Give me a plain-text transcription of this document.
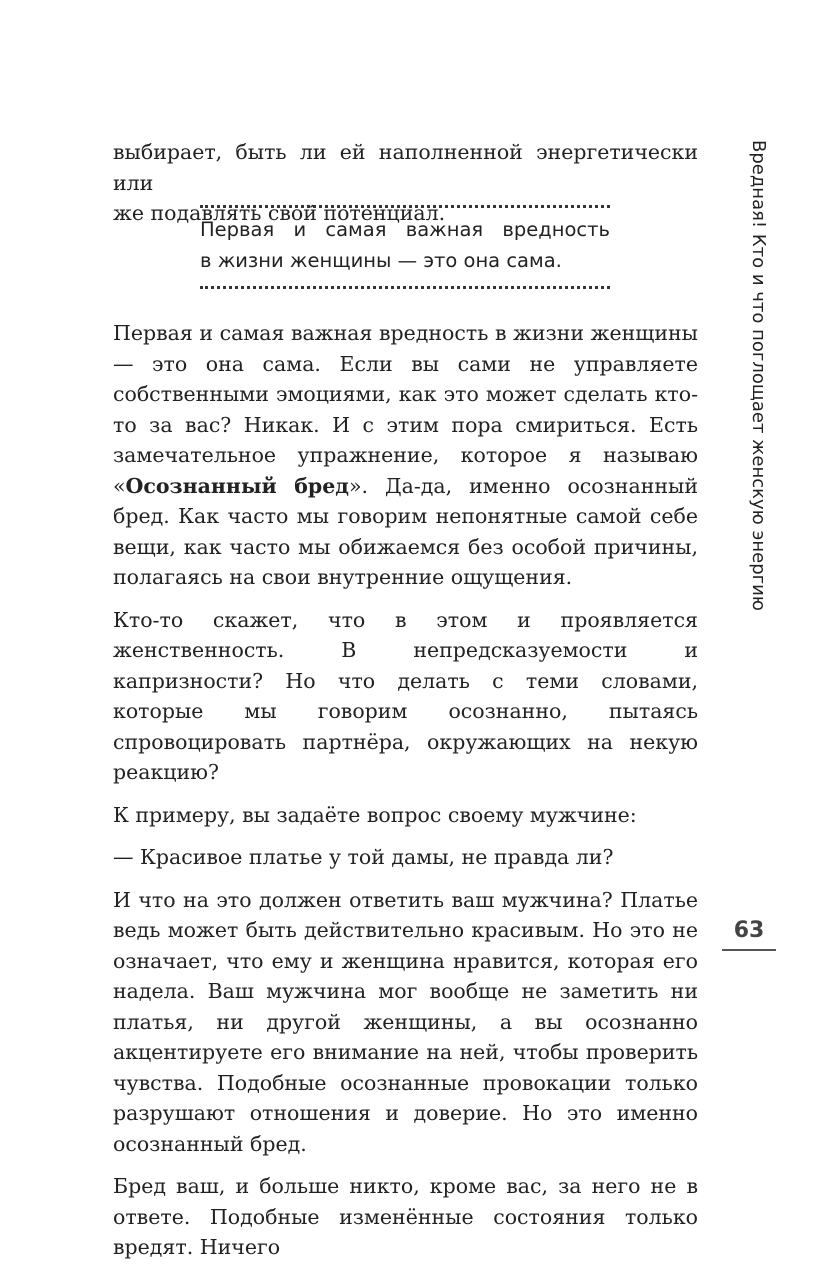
выбирает, быть ли ей наполненной энергетически или

же подавлять свой потенциал.

Первая и самая важная вредность
в жизни женщины — это она сама.

Первая и самая важная вредность в жизни женщины — это она сама. Если вы сами не управляете собственными эмоциями, как это может сделать кто-то за вас? Никак. И с этим пора смириться. Есть замечательное упражнение, которое я называю «Осознанный бред». Да-да, именно осознанный бред. Как часто мы говорим непонятные самой себе вещи, как часто мы обижаемся без особой причины, полагаясь на свои внутренние ощущения.

Кто-то скажет, что в этом и проявляется женственность. В непредсказуемости и капризности? Но что делать с теми словами, которые мы говорим осознанно, пытаясь спровоцировать партнёра, окружающих на некую реакцию?

К примеру, вы задаёте вопрос своему мужчине:

— Красивое платье у той дамы, не правда ли?

И что на это должен ответить ваш мужчина? Платье ведь может быть действительно красивым. Но это не означает, что ему и женщина нравится, которая его надела. Ваш мужчина мог вообще не заметить ни платья, ни другой женщины, а вы осознанно акцентируете его внимание на ней, чтобы проверить чувства. Подобные осознанные провокации только разрушают отношения и доверие. Но это именно осознанный бред.

Бред ваш, и больше никто, кроме вас, за него не в ответе. Подобные изменённые состояния только вредят. Ничего

Вредная! Кто и что поглощает женскую энергию
63
